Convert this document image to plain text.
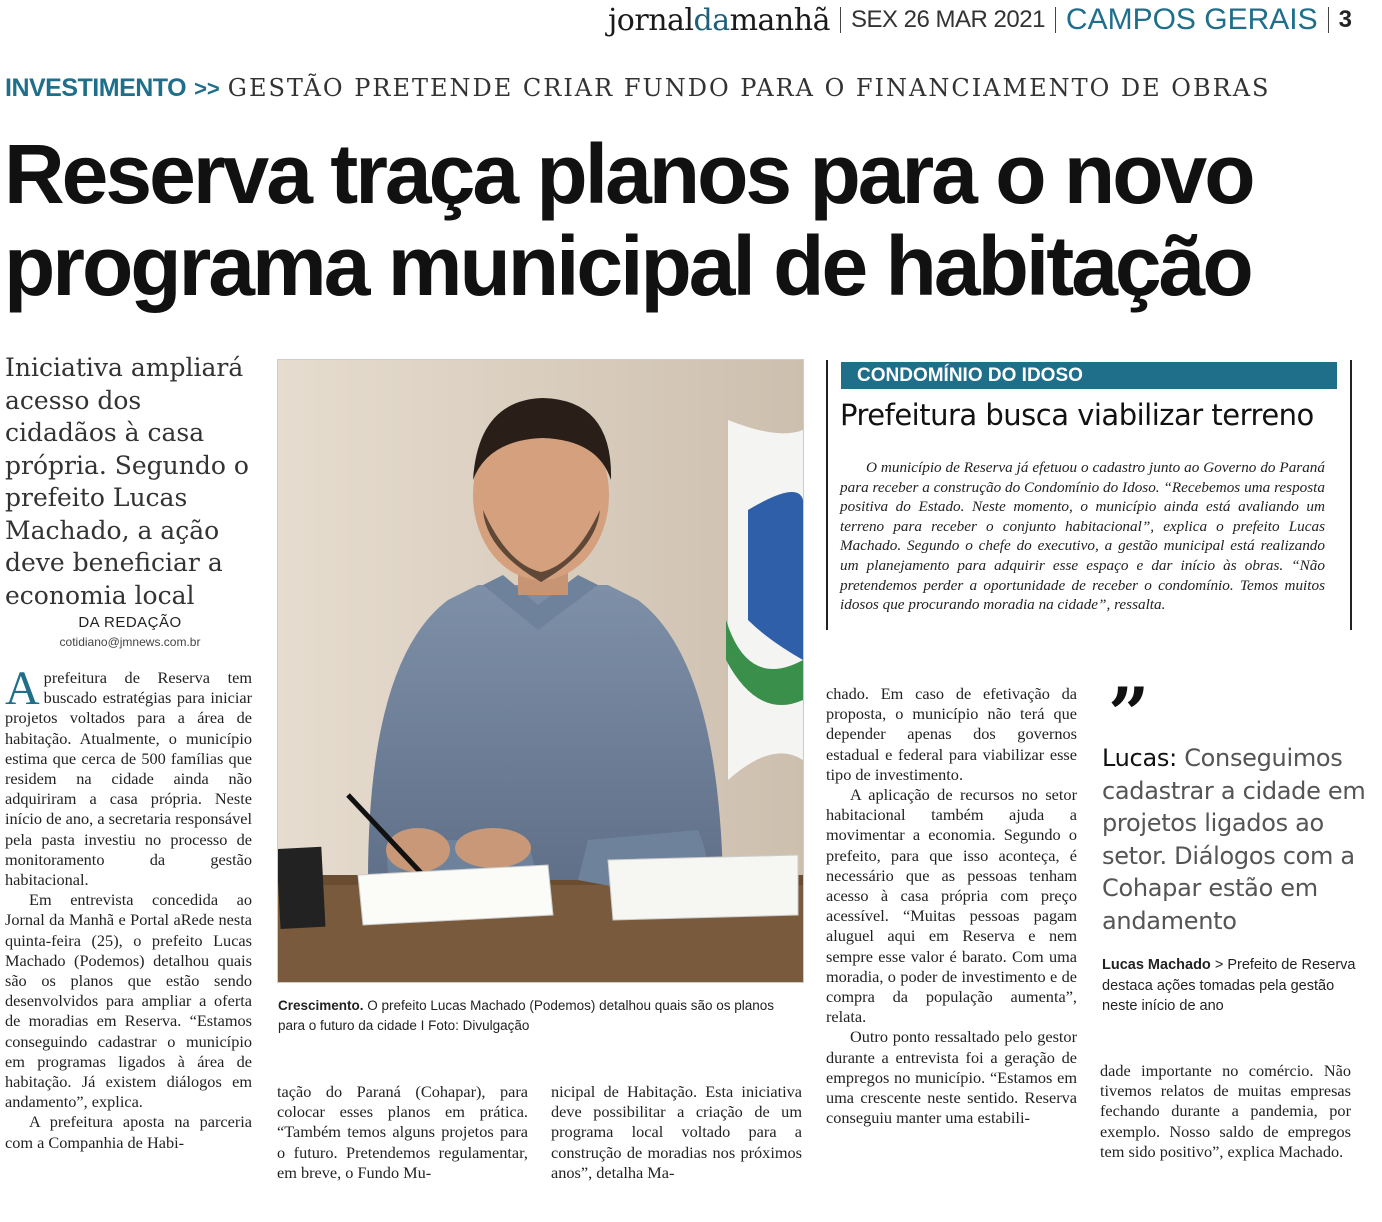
jornaldamanhã SEX 26 MAR 2021 CAMPOS GERAIS 3
INVESTIMENTO >> GESTÃO PRETENDE CRIAR FUNDO PARA O FINANCIAMENTO DE OBRAS
Reserva traça planos para o novo
programa municipal de habitação
Iniciativa ampliará acesso dos cidadãos à casa própria. Segundo o prefeito Lucas Machado, a ação deve beneficiar a economia local
DA REDAÇÃO
cotidiano@jmnews.com.br

Aprefeitura de Reserva tem buscado estratégias para iniciar projetos voltados para a área de habitação. Atualmente, o município estima que cerca de 500 famílias que residem na cidade ainda não adquiriram a casa própria. Neste início de ano, a secretaria responsável pela pasta investiu no processo de monitoramento da gestão habitacional.

Em entrevista concedida ao Jornal da Manhã e Portal aRede nesta quinta-feira (25), o prefeito Lucas Machado (Podemos) detalhou quais são os planos que estão sendo desenvolvidos para ampliar a oferta de moradias em Reserva. “Estamos conseguindo cadastrar o município em programas ligados à área de habitação. Já existem diálogos em andamento”, explica.

A prefeitura aposta na parceria com a Companhia de Habi-

Crescimento. O prefeito Lucas Machado (Podemos) detalhou quais são os planos para o futuro da cidade I Foto: Divulgação

tação do Paraná (Cohapar), para colocar esses planos em prática. “Também temos alguns projetos para o futuro. Pretendemos regulamentar, em breve, o Fundo Mu-

nicipal de Habitação. Esta iniciativa deve possibilitar a criação de um programa local voltado para a construção de moradias nos próximos anos”, detalha Ma-

CONDOMÍNIO DO IDOSO
Prefeitura busca viabilizar terreno
O município de Reserva já efetuou o cadastro junto ao Governo do Paraná para receber a construção do Condomínio do Idoso. “Recebemos uma resposta positiva do Estado. Neste momento, o município ainda está avaliando um terreno para receber o conjunto habitacional”, explica o prefeito Lucas Machado. Segundo o chefe do executivo, a gestão municipal está realizando um planejamento para adquirir esse espaço e dar início às obras. “Não pretendemos perder a oportunidade de receber o condomínio. Temos muitos idosos que procurando moradia na cidade”, ressalta.

chado. Em caso de efetivação da proposta, o município não terá que depender apenas dos governos estadual e federal para viabilizar esse tipo de investimento.

A aplicação de recursos no setor habitacional também ajuda a movimentar a economia. Segundo o prefeito, para que isso aconteça, é necessário que as pessoas tenham acesso à casa própria com preço acessível. “Muitas pessoas pagam aluguel aqui em Reserva e nem sempre esse valor é barato. Com uma moradia, o poder de investimento e de compra da população aumenta”, relata.

Outro ponto ressaltado pelo gestor durante a entrevista foi a geração de empregos no município. “Estamos em uma crescente neste sentido. Reserva conseguiu manter uma estabili-

”
Lucas: Conseguimos cadastrar a cidade em projetos ligados ao setor. Diálogos com a Cohapar estão em andamento
Lucas Machado > Prefeito de Reserva destaca ações tomadas pela gestão neste início de ano

dade importante no comércio. Não tivemos relatos de muitas empresas fechando durante a pandemia, por exemplo. Nosso saldo de empregos tem sido positivo”, explica Machado.
